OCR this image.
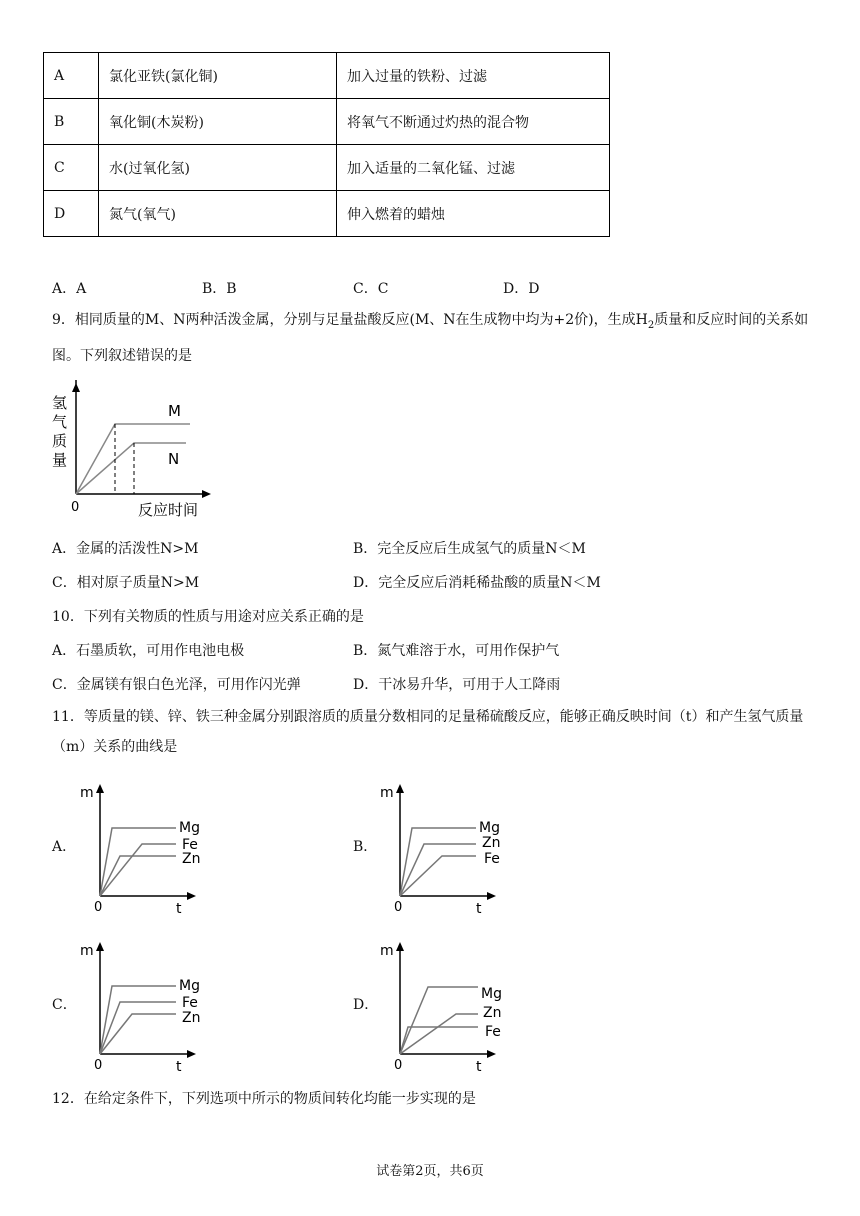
A	氯化亚铁(氯化铜)	加入过量的铁粉、过滤
B	氧化铜(木炭粉)	将氧气不断通过灼热的混合物
C	水(过氧化氢)	加入适量的二氧化锰、过滤
D	氮气(氧气)	伸入燃着的蜡烛
A．A	B．B	C．C	D．D
9．相同质量的M、N两种活泼金属，分别与足量盐酸反应(M、N在生成物中均为+2价)，生成$H_2$质量和反应时间的关系如图。下列叙述错误的是
M
N
氢
气
质
量
0	反应时间
A．金属的活泼性N>M	B．完全反应后生成氢气的质量N＜M
C．相对原子质量N>M	D．完全反应后消耗稀盐酸的质量N＜M
10．下列有关物质的性质与用途对应关系正确的是
A．石墨质软，可用作电池电极	B．氮气难溶于水，可用作保护气
C．金属镁有银白色光泽，可用作闪光弹	D．干冰易升华，可用于人工降雨
11．等质量的镁、锌、铁三种金属分别跟溶质的质量分数相同的足量稀硫酸反应，能够正确反映时间（t）和产生氢气质量（m）关系的曲线是
A．
Mg
Fe
Zn
m
0	t
B．
Mg
Zn
Fe
m
0	t
C．
Mg
Fe
Zn
m
0	t
D．
Mg
Zn
Fe
m
0	t
12．在给定条件下，下列选项中所示的物质间转化均能一步实现的是
试卷第2页，共6页
